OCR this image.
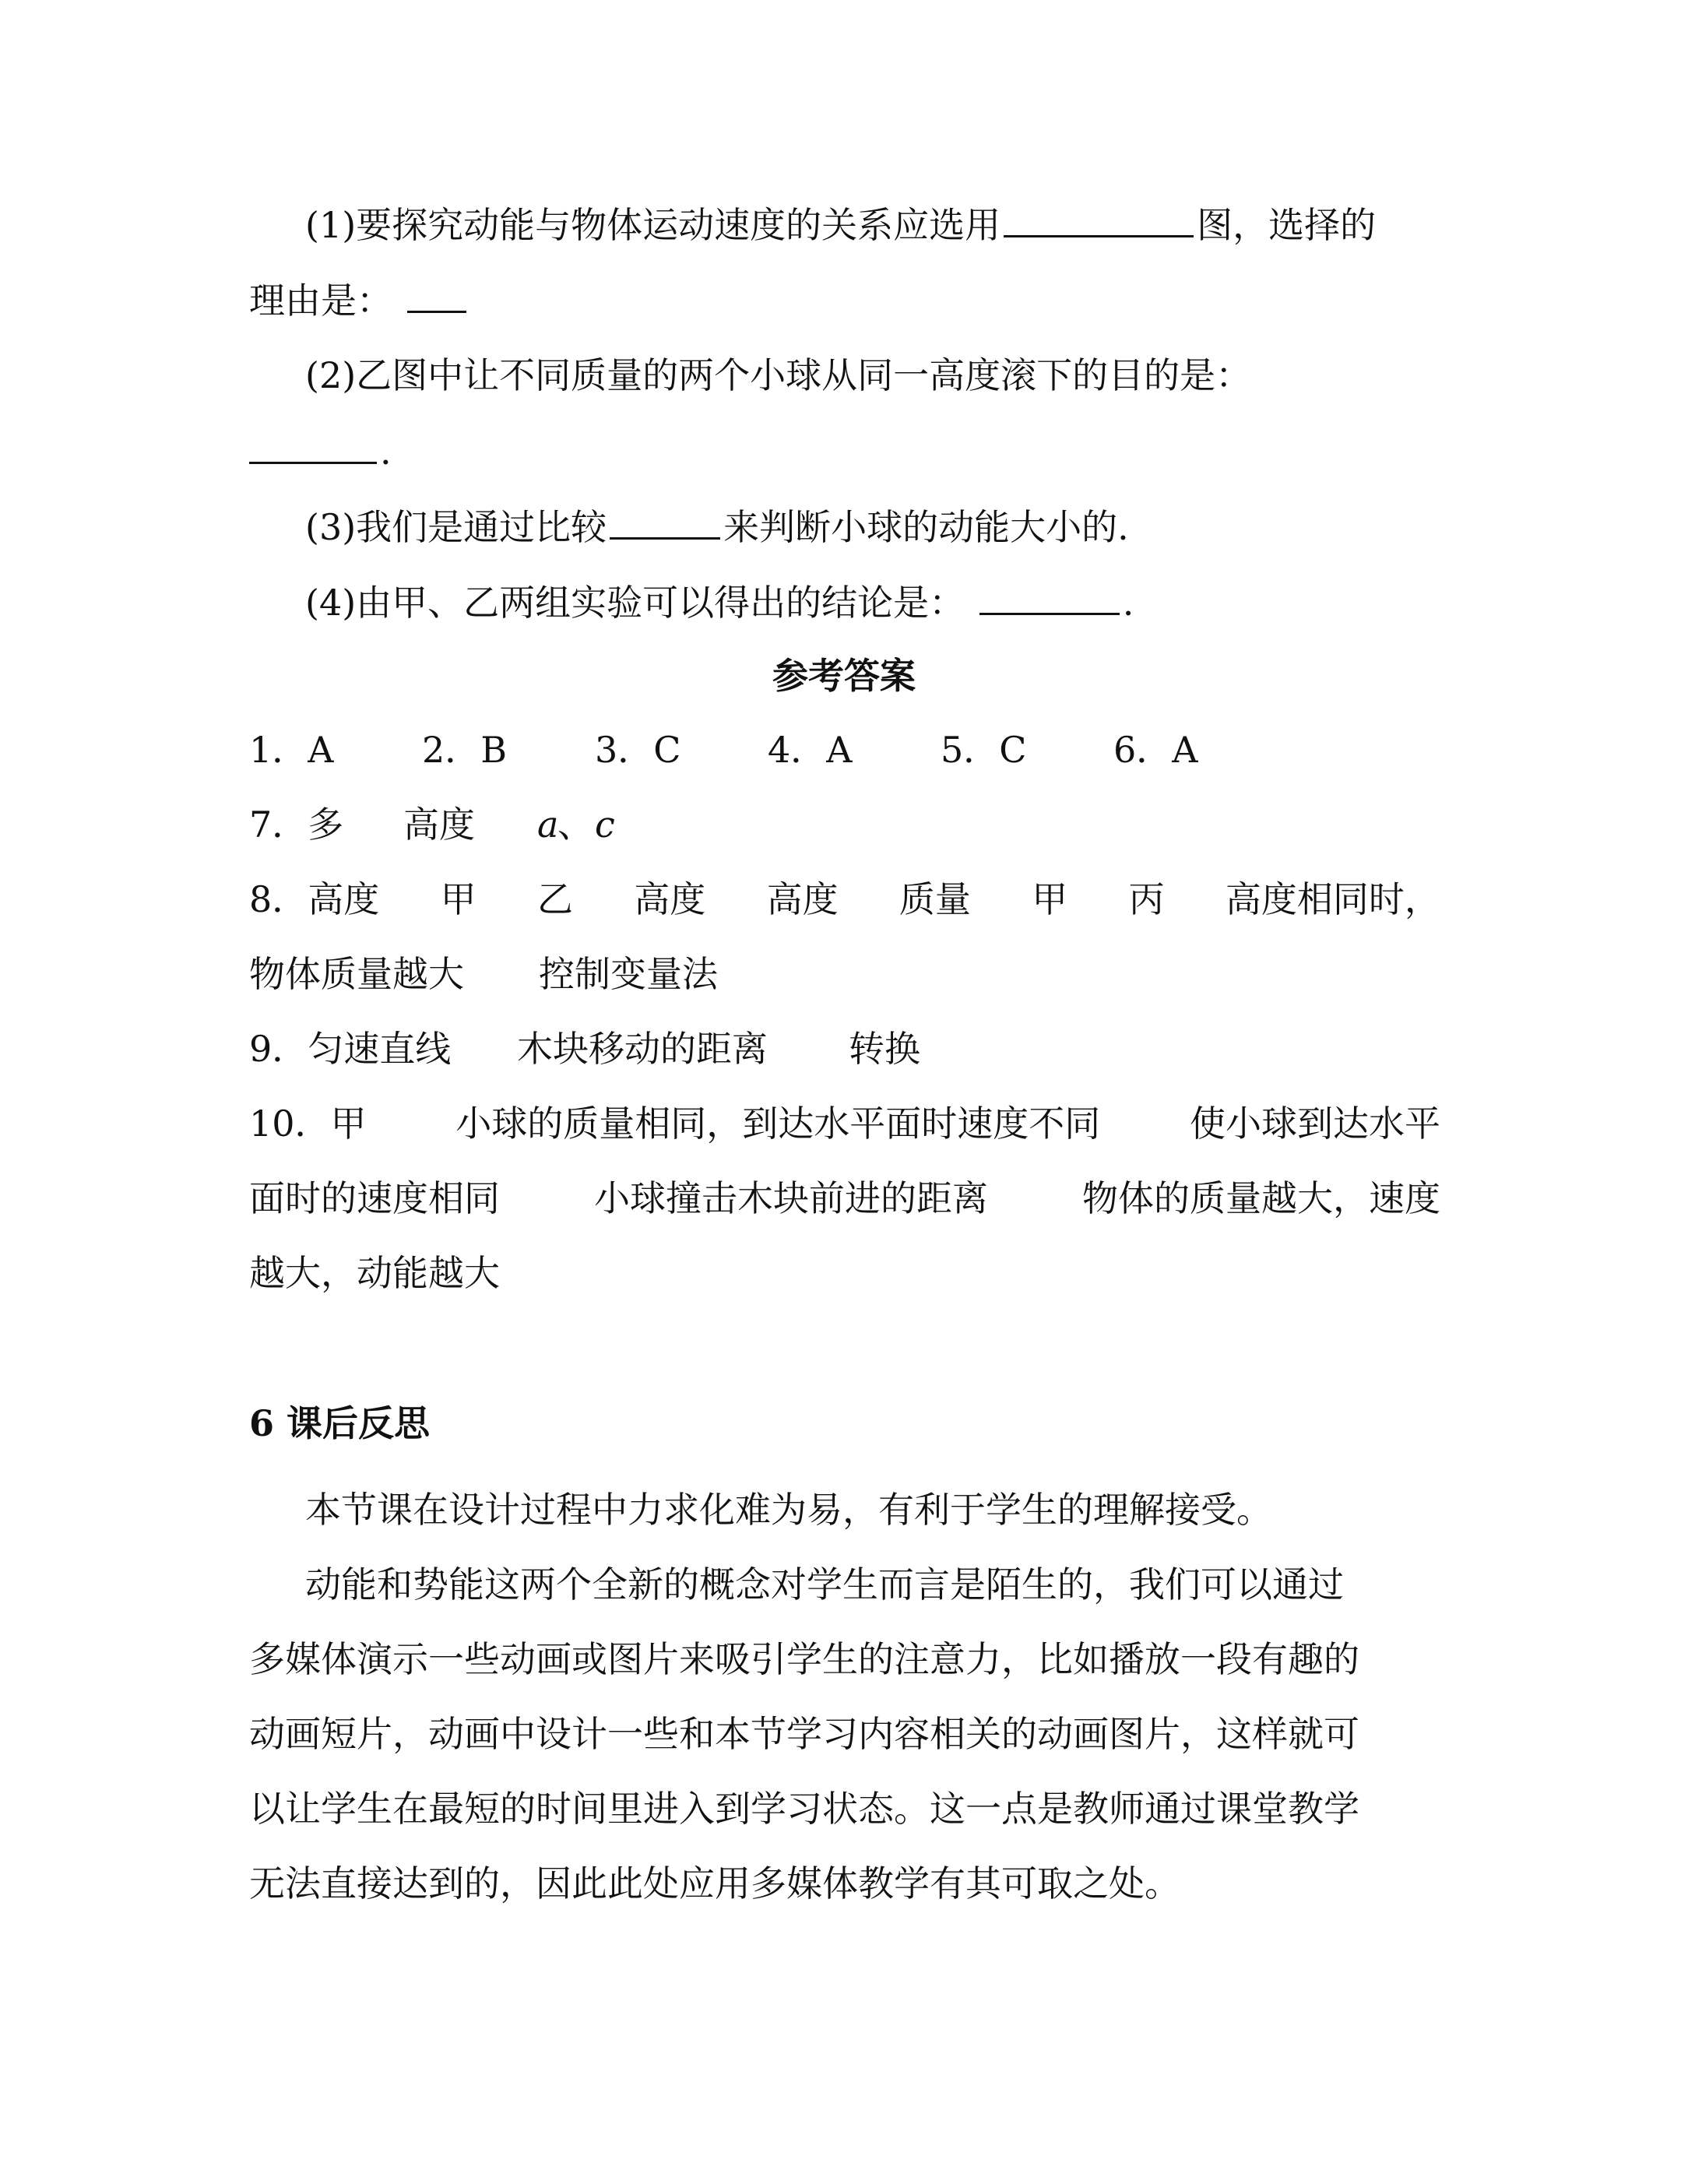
(1)要探究动能与物体运动速度的关系应选用	图，选择的
理由是：
(2)乙图中让不同质量的两个小球从同一高度滚下的目的是：
.
(3)我们是通过比较	来判断小球的动能大小的.
(4)由甲、乙两组实验可以得出的结论是：	.
参考答案

1．A

2．B

3．C

4．A

5．C

6．A

7．多

高度

a

、

c

8．高度 甲 乙 高度 高度 质量 甲 丙 高度相同时，

物体质量越大

控制变量法

9．匀速直线

木块移动的距离

转换

10．甲 小球的质量相同，到达水平面时速度不同 使小球到达水平
面时的速度相同	小球撞击木块前进的距离	物体的质量越大，速度
越大，动能越大
6 课后反思
本节课在设计过程中力求化难为易，有利于学生的理解接受。
动能和势能这两个全新的概念对学生而言是陌生的，我们可以通过
多媒体演示一些动画或图片来吸引学生的注意力，比如播放一段有趣的
动画短片，动画中设计一些和本节学习内容相关的动画图片，这样就可
以让学生在最短的时间里进入到学习状态。这一点是教师通过课堂教学
无法直接达到的，因此此处应用多媒体教学有其可取之处。
